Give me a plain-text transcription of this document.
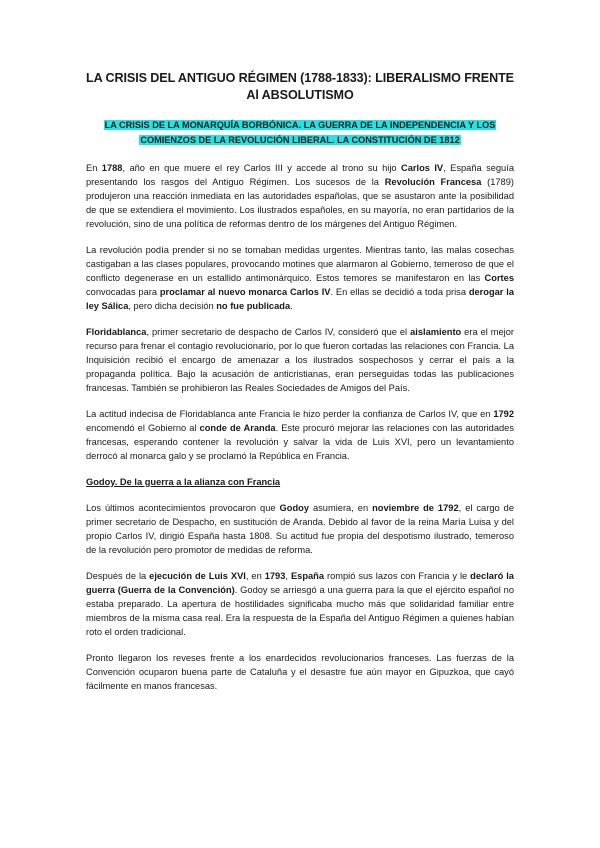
LA CRISIS DEL ANTIGUO RÉGIMEN (1788-1833): LIBERALISMO FRENTE
Al ABSOLUTISMO
LA CRISIS DE LA MONARQUÍA BORBÓNICA. LA GUERRA DE LA INDEPENDENCIA Y LOS
COMIENZOS DE LA REVOLUCIÓN LIBERAL. LA CONSTITUCIÓN DE 1812

En 1788, año en que muere el rey Carlos III y accede al trono su hijo Carlos IV, España seguía presentando los rasgos del Antiguo Régimen. Los sucesos de la Revolución Francesa (1789) produjeron una reacción inmediata en las autoridades españolas, que se asustaron ante la posibilidad de que se extendiera el movimiento. Los ilustrados españoles, en su mayoría, no eran partidarios de la revolución, sino de una política de reformas dentro de los márgenes del Antiguo Régimen.

La revolución podía prender si no se tomaban medidas urgentes. Mientras tanto, las malas cosechas castigaban a las clases populares, provocando motines que alarmaron al Gobierno, temeroso de que el conflicto degenerase en un estallido antimonárquico. Estos temores se manifestaron en las Cortes convocadas para proclamar al nuevo monarca Carlos IV. En ellas se decidió a toda prisa derogar la ley Sálica, pero dicha decisión no fue publicada.

Floridablanca, primer secretario de despacho de Carlos IV, consideró que el aislamiento era el mejor recurso para frenar el contagio revolucionario, por lo que fueron cortadas las relaciones con Francia. La Inquisición recibió el encargo de amenazar a los ilustrados sospechosos y cerrar el país a la propaganda política. Bajo la acusación de anticristianas, eran perseguidas todas las publicaciones francesas. También se prohibieron las Reales Sociedades de Amigos del País.

La actitud indecisa de Floridablanca ante Francia le hizo perder la confianza de Carlos IV, que en 1792 encomendó el Gobierno al conde de Aranda. Este procuró mejorar las relaciones con las autoridades francesas, esperando contener la revolución y salvar la vida de Luis XVI, pero un levantamiento derrocó al monarca galo y se proclamó la República en Francia.

Godoy. De la guerra a la alianza con Francia

Los últimos acontecimientos provocaron que Godoy asumiera, en noviembre de 1792, el cargo de primer secretario de Despacho, en sustitución de Aranda. Debido al favor de la reina María Luisa y del propio Carlos IV, dirigió España hasta 1808. Su actitud fue propia del despotismo ilustrado, temeroso de la revolución pero promotor de medidas de reforma.

Después de la ejecución de Luis XVI, en 1793, España rompió sus lazos con Francia y le declaró la guerra (Guerra de la Convención). Godoy se arriesgó a una guerra para la que el ejército español no estaba preparado. La apertura de hostilidades significaba mucho más que solidaridad familiar entre miembros de la misma casa real. Era la respuesta de la España del Antiguo Régimen a quienes habían roto el orden tradicional.

Pronto llegaron los reveses frente a los enardecidos revolucionarios franceses. Las fuerzas de la Convención ocuparon buena parte de Cataluña y el desastre fue aún mayor en Gipuzkoa, que cayó fácilmente en manos francesas.
